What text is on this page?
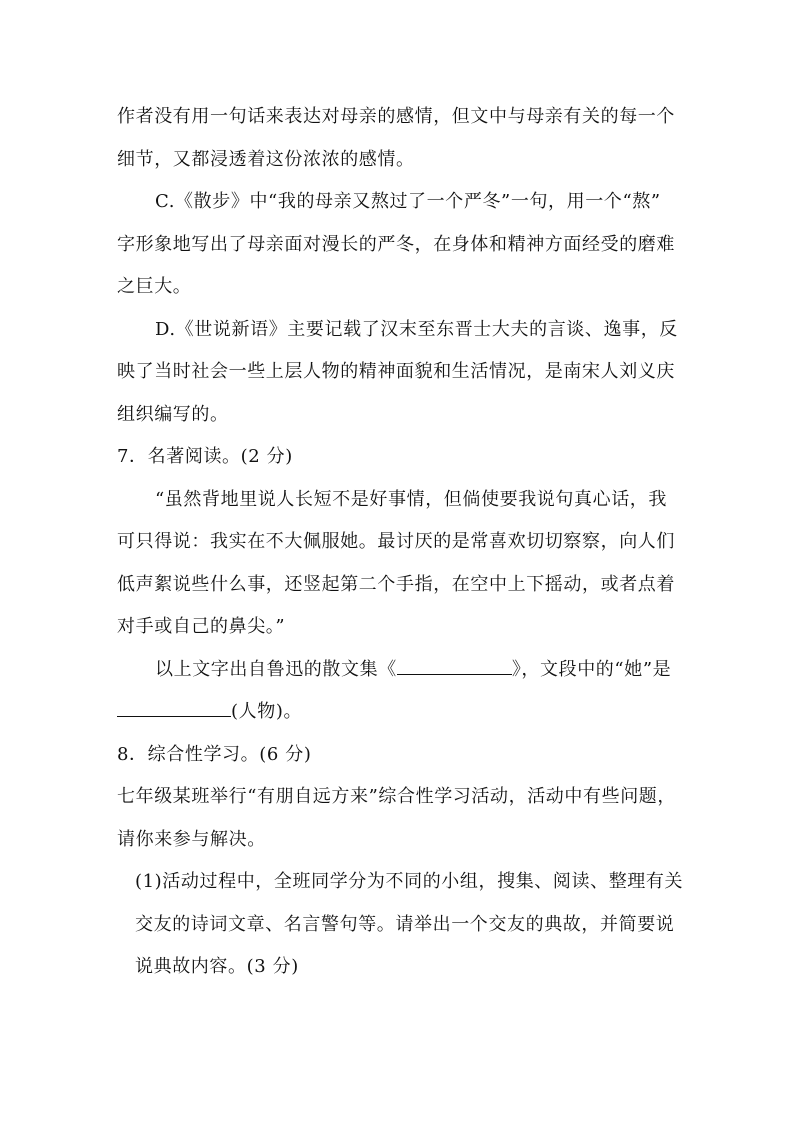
作者没有用一句话来表达对母亲的感情，但文中与母亲有关的每一个
细节，又都浸透着这份浓浓的感情。
C.《散步》中“我的母亲又熬过了一个严冬”一句，用一个“熬”
字形象地写出了母亲面对漫长的严冬，在身体和精神方面经受的磨难
之巨大。
D.《世说新语》主要记载了汉末至东晋士大夫的言谈、逸事，反
映了当时社会一些上层人物的精神面貌和生活情况，是南宋人刘义庆
组织编写的。
7．名著阅读。(2 分)
“虽然背地里说人长短不是好事情，但倘使要我说句真心话，我
可只得说：我实在不大佩服她。最讨厌的是常喜欢切切察察，向人们
低声絮说些什么事，还竖起第二个手指，在空中上下摇动，或者点着
对手或自己的鼻尖。”
以上文字出自鲁迅的散文集《	》，文段中的“她”是
(人物)。
8．综合性学习。(6 分)
七年级某班举行“有朋自远方来”综合性学习活动，活动中有些问题，
请你来参与解决。
(1)活动过程中，全班同学分为不同的小组，搜集、阅读、整理有关
交友的诗词文章、名言警句等。请举出一个交友的典故，并简要说
说典故内容。(3 分)
